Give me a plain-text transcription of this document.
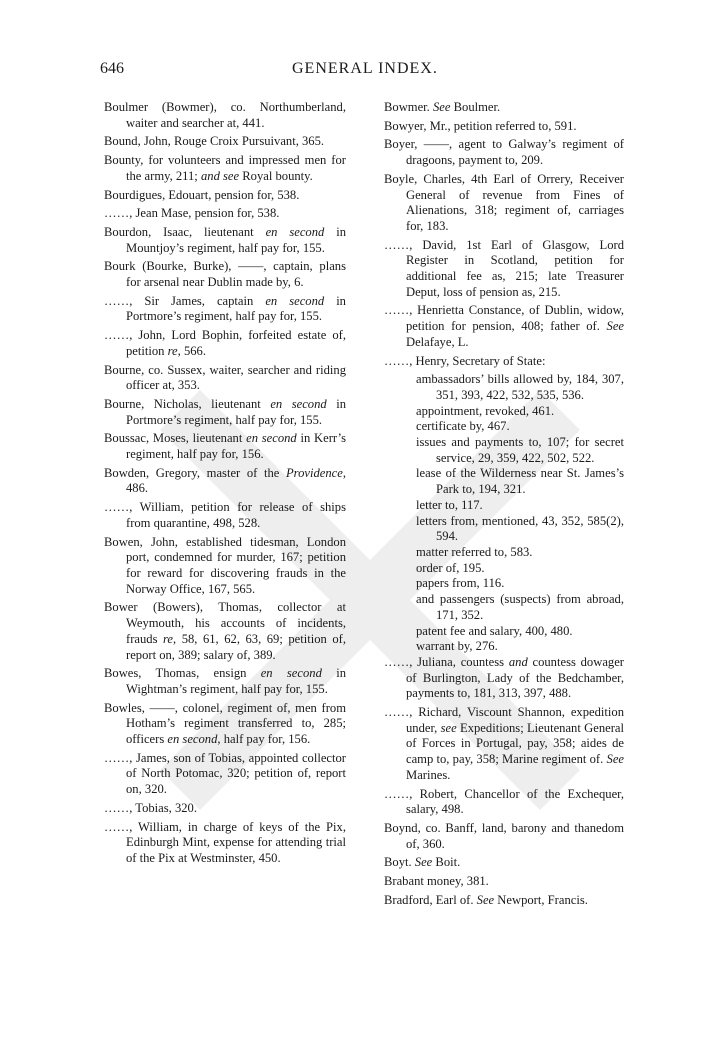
646	GENERAL INDEX.
Boulmer (Bowmer), co. Northumberland, waiter and searcher at, 441.
Bound, John, Rouge Croix Pursuivant, 365.
Bounty, for volunteers and impressed men for the army, 211; and see Royal bounty.
Bourdigues, Edouart, pension for, 538.
……, Jean Mase, pension for, 538.
Bourdon, Isaac, lieutenant en second in Mountjoy’s regiment, half pay for, 155.
Bourk (Bourke, Burke), ——, captain, plans for arsenal near Dublin made by, 6.
……, Sir James, captain en second in Portmore’s regiment, half pay for, 155.
……, John, Lord Bophin, forfeited estate of, petition re, 566.
Bourne, co. Sussex, waiter, searcher and riding officer at, 353.
Bourne, Nicholas, lieutenant en second in Portmore’s regiment, half pay for, 155.
Boussac, Moses, lieutenant en second in Kerr’s regiment, half pay for, 156.
Bowden, Gregory, master of the Providence, 486.
……, William, petition for release of ships from quarantine, 498, 528.
Bowen, John, established tidesman, London port, condemned for murder, 167; petition for reward for discovering frauds in the Norway Office, 167, 565.
Bower (Bowers), Thomas, collector at Weymouth, his accounts of incidents, frauds re, 58, 61, 62, 63, 69; petition of, report on, 389; salary of, 389.
Bowes, Thomas, ensign en second in Wightman’s regiment, half pay for, 155.
Bowles, ——, colonel, regiment of, men from Hotham’s regiment transferred to, 285; officers en second, half pay for, 156.
……, James, son of Tobias, appointed collector of North Potomac, 320; petition of, report on, 320.
……, Tobias, 320.
……, William, in charge of keys of the Pix, Edinburgh Mint, expense for attending trial of the Pix at Westminster, 450.
Bowmer. See Boulmer.
Bowyer, Mr., petition referred to, 591.
Boyer, ——, agent to Galway’s regiment of dragoons, payment to, 209.
Boyle, Charles, 4th Earl of Orrery, Receiver General of revenue from Fines of Alienations, 318; regiment of, carriages for, 183.
……, David, 1st Earl of Glasgow, Lord Register in Scotland, petition for additional fee as, 215; late Treasurer Deput, loss of pension as, 215.
……, Henrietta Constance, of Dublin, widow, petition for pension, 408; father of. See Delafaye, L.
……, Henry, Secretary of State:
ambassadors’ bills allowed by, 184, 307, 351, 393, 422, 532, 535, 536.
appointment, revoked, 461.
certificate by, 467.
issues and payments to, 107; for secret service, 29, 359, 422, 502, 522.
lease of the Wilderness near St. James’s Park to, 194, 321.
letter to, 117.
letters from, mentioned, 43, 352, 585(2), 594.
matter referred to, 583.
order of, 195.
papers from, 116.
and passengers (suspects) from abroad, 171, 352.
patent fee and salary, 400, 480.
warrant by, 276.
……, Juliana, countess and countess dowager of Burlington, Lady of the Bedchamber, payments to, 181, 313, 397, 488.
……, Richard, Viscount Shannon, expedition under, see Expeditions; Lieutenant General of Forces in Portugal, pay, 358; aides de camp to, pay, 358; Marine regiment of. See Marines.
……, Robert, Chancellor of the Exchequer, salary, 498.
Boynd, co. Banff, land, barony and thanedom of, 360.
Boyt. See Boit.
Brabant money, 381.
Bradford, Earl of. See Newport, Francis.
